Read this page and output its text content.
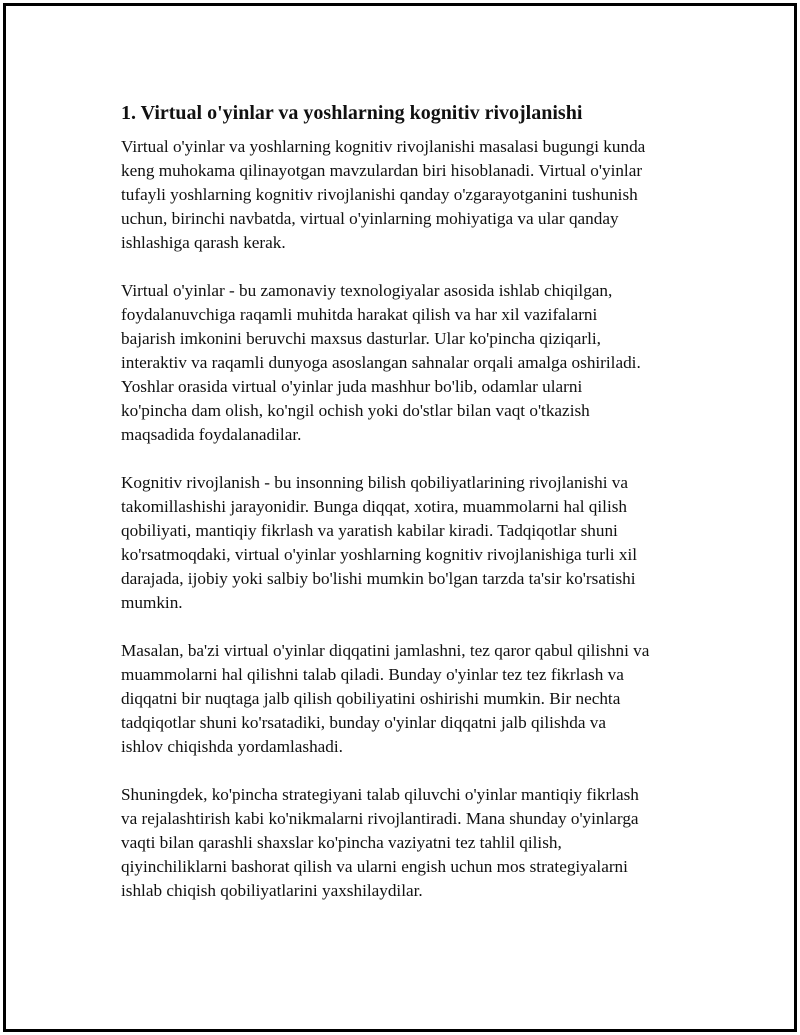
1. Virtual o'yinlar va yoshlarning kognitiv rivojlanishi
Virtual o'yinlar va yoshlarning kognitiv rivojlanishi masalasi bugungi kunda
keng muhokama qilinayotgan mavzulardan biri hisoblanadi. Virtual o'yinlar
tufayli yoshlarning kognitiv rivojlanishi qanday o'zgarayotganini tushunish
uchun, birinchi navbatda, virtual o'yinlarning mohiyatiga va ular qanday
ishlashiga qarash kerak.
Virtual o'yinlar - bu zamonaviy texnologiyalar asosida ishlab chiqilgan,
foydalanuvchiga raqamli muhitda harakat qilish va har xil vazifalarni
bajarish imkonini beruvchi maxsus dasturlar. Ular ko'pincha qiziqarli,
interaktiv va raqamli dunyoga asoslangan sahnalar orqali amalga oshiriladi.
Yoshlar orasida virtual o'yinlar juda mashhur bo'lib, odamlar ularni
ko'pincha dam olish, ko'ngil ochish yoki do'stlar bilan vaqt o'tkazish
maqsadida foydalanadilar.
Kognitiv rivojlanish - bu insonning bilish qobiliyatlarining rivojlanishi va
takomillashishi jarayonidir. Bunga diqqat, xotira, muammolarni hal qilish
qobiliyati, mantiqiy fikrlash va yaratish kabilar kiradi. Tadqiqotlar shuni
ko'rsatmoqdaki, virtual o'yinlar yoshlarning kognitiv rivojlanishiga turli xil
darajada, ijobiy yoki salbiy bo'lishi mumkin bo'lgan tarzda ta'sir ko'rsatishi
mumkin.
Masalan, ba'zi virtual o'yinlar diqqatini jamlashni, tez qaror qabul qilishni va
muammolarni hal qilishni talab qiladi. Bunday o'yinlar tez tez fikrlash va
diqqatni bir nuqtaga jalb qilish qobiliyatini oshirishi mumkin. Bir nechta
tadqiqotlar shuni ko'rsatadiki, bunday o'yinlar diqqatni jalb qilishda va
ishlov chiqishda yordamlashadi.
Shuningdek, ko'pincha strategiyani talab qiluvchi o'yinlar mantiqiy fikrlash
va rejalashtirish kabi ko'nikmalarni rivojlantiradi. Mana shunday o'yinlarga
vaqti bilan qarashli shaxslar ko'pincha vaziyatni tez tahlil qilish,
qiyinchiliklarni bashorat qilish va ularni engish uchun mos strategiyalarni
ishlab chiqish qobiliyatlarini yaxshilaydilar.
